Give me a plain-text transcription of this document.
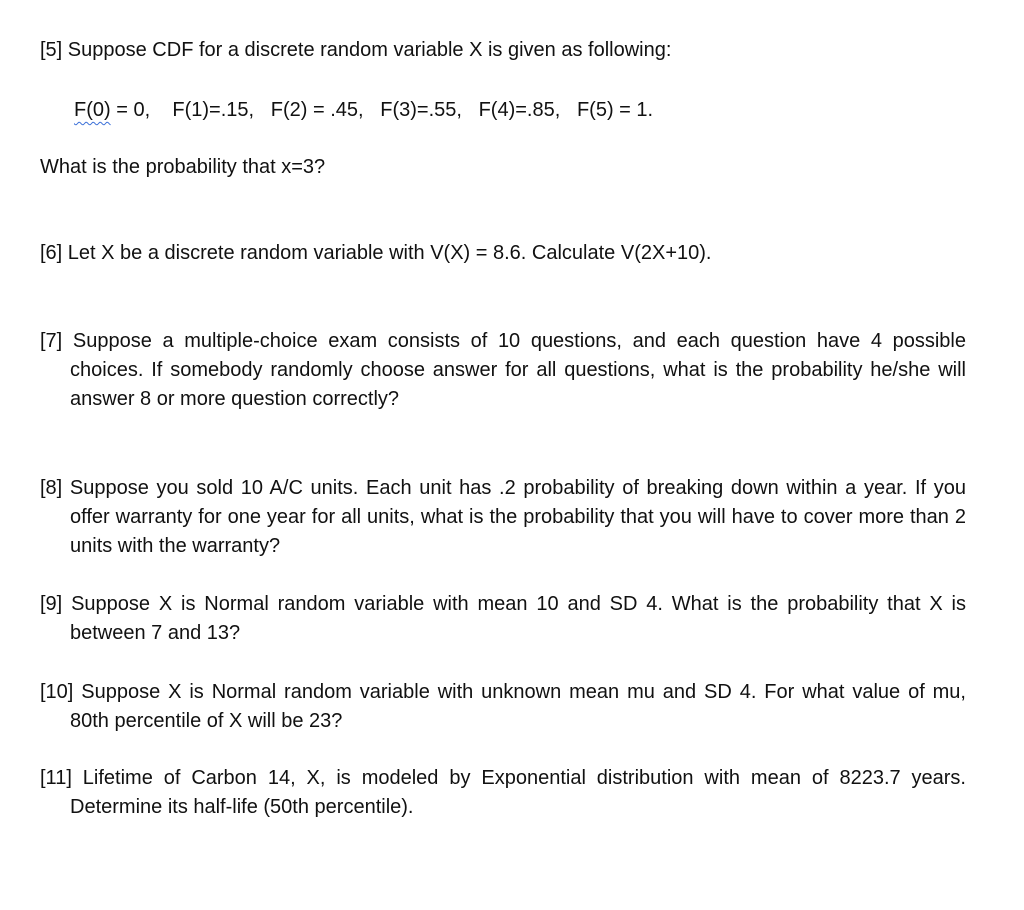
[5] Suppose CDF for a discrete random variable X is given as following:

F(0) = 0,    F(1)=.15,   F(2) = .45,   F(3)=.55,   F(4)=.85,   F(5) = 1.

What is the probability that x=3?

[6] Let X be a discrete random variable with V(X) = 8.6. Calculate V(2X+10).

[7] Suppose a multiple-choice exam consists of 10 questions, and each question have 4 possible choices. If somebody randomly choose answer for all questions, what is the probability he/she will answer 8 or more question correctly?

[8] Suppose you sold 10 A/C units. Each unit has .2 probability of breaking down within a year. If you offer warranty for one year for all units, what is the probability that you will have to cover more than 2 units with the warranty?

[9] Suppose X is Normal random variable with mean 10 and SD 4. What is the probability that X is between 7 and 13?

[10] Suppose X is Normal random variable with unknown mean mu and SD 4. For what value of mu, 80th percentile of X will be 23?

[11] Lifetime of Carbon 14, X, is modeled by Exponential distribution with mean of 8223.7 years. Determine its half-life (50th percentile).
